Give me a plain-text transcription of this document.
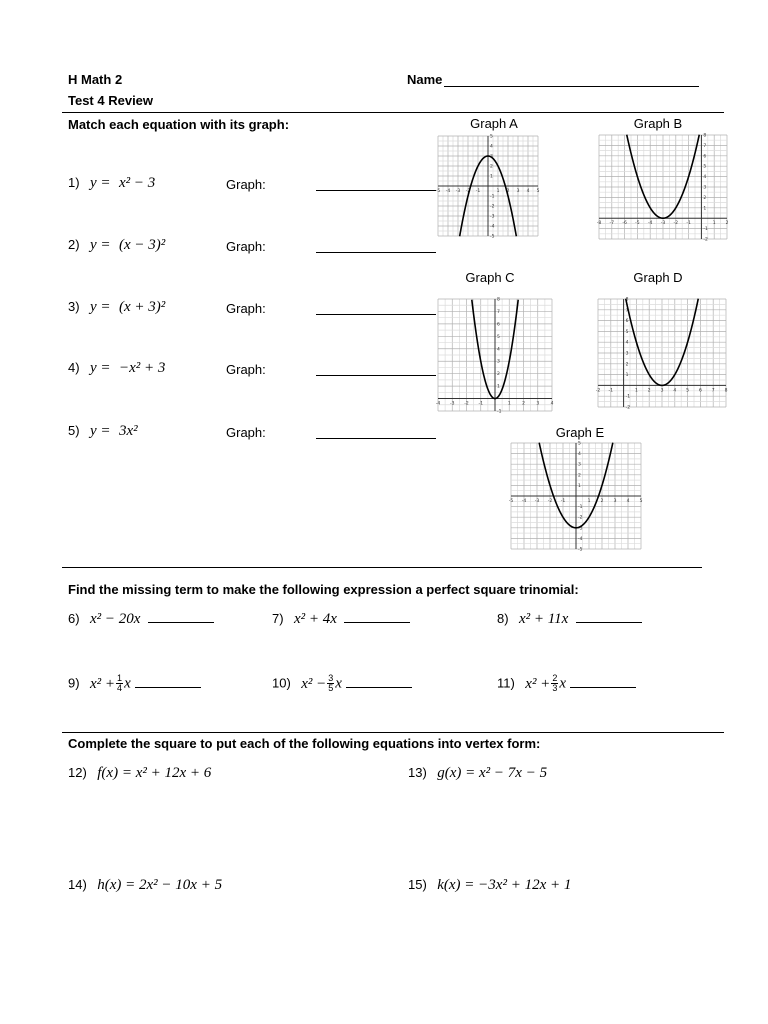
H Math 2
Test 4 Review
Name
Match each equation with its graph:
1) y = x² − 3
2) y = (x − 3)²
3) y = (x + 3)²
4) y = −x² + 3
5) y = 3x²
Graph:
Graph:
Graph:
Graph:
Graph:
Graph A	Graph B
Graph C	Graph D
Graph E
-5 -4 -3 -2 -1	1 2 3 4 5
5
4
3
2
1
-1
-2
-3
-4
-5
-8 -7 -6 -5 -4 -3 -2 -1	1 2
8
7
6
5
4
3
2
1
-1
-2
-4 -3 -2 -1	1	2	3	4
8
7
6
5
4
3
2
1
-1
-2 -1	1 2 3 4 5 6 7 8
8
7
6
5
4
3
2
1
-1
-2
-5 -4 -3 -2 -1	1 2 3 4 5
5
4
3
2
1
-1
-2
-3
-4
-5
Find the missing term to make the following expression a perfect square trinomial:
6) x² − 20x	7) x² + 4x	8) x² + 11x
9) $x^2 + \frac{1}{4}$ x	10) $x^2 - \frac{3}{5}$ x	11) $x^2 + \frac{2}{3}$ x
Complete the square to put each of the following equations into vertex form:
12) f(x) = x² + 12x + 6	13) g(x) = x² − 7x − 5
14) h(x) = 2x² − 10x + 5	15) k(x) = −3x² + 12x + 1
